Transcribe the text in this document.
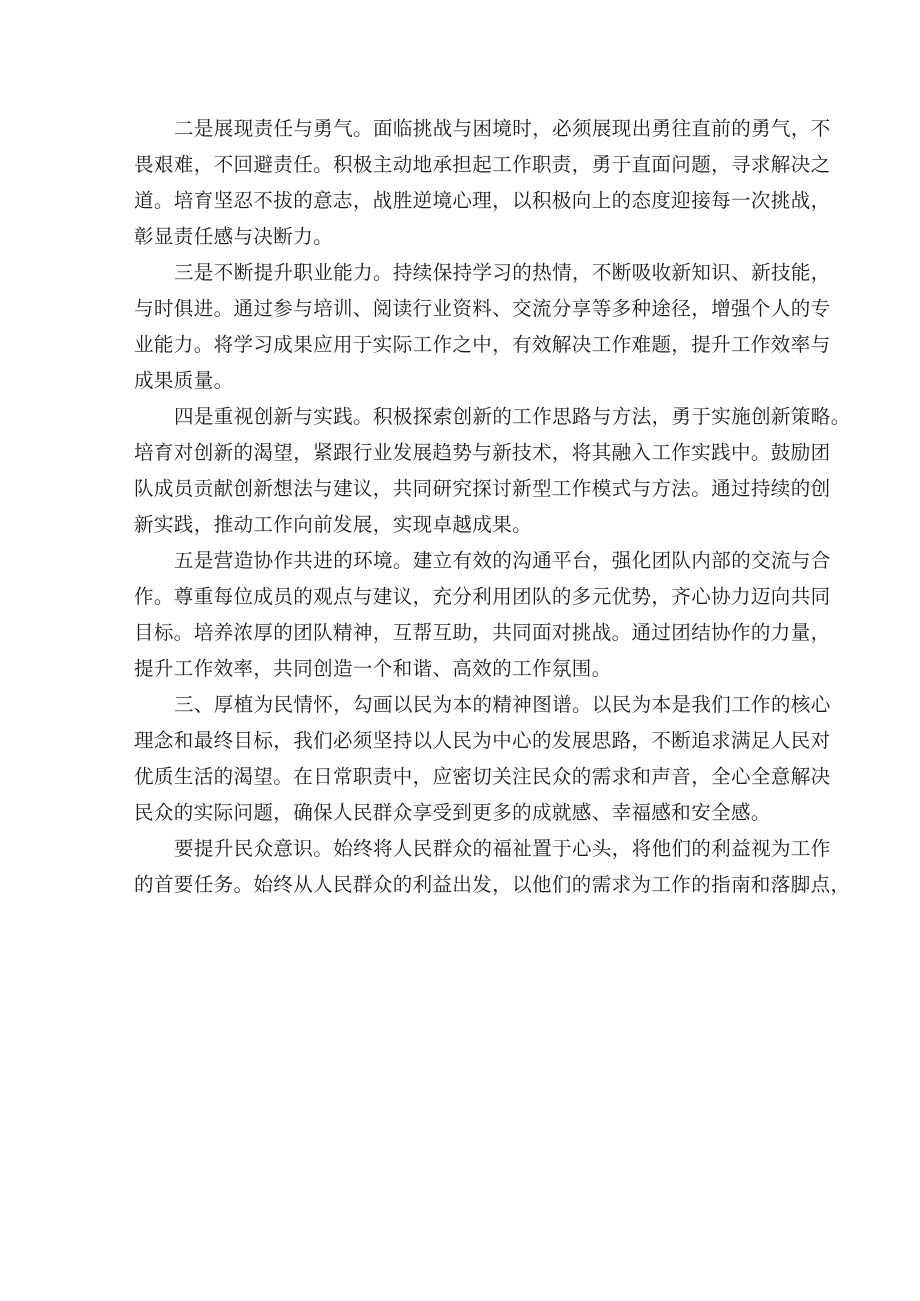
二是展现责任与勇气。面临挑战与困境时，必须展现出勇往直前的勇气，不
畏艰难，不回避责任。积极主动地承担起工作职责，勇于直面问题，寻求解决之
道。培育坚忍不拔的意志，战胜逆境心理，以积极向上的态度迎接每一次挑战，
彰显责任感与决断力。
三是不断提升职业能力。持续保持学习的热情，不断吸收新知识、新技能，
与时俱进。通过参与培训、阅读行业资料、交流分享等多种途径，增强个人的专
业能力。将学习成果应用于实际工作之中，有效解决工作难题，提升工作效率与
成果质量。
四是重视创新与实践。积极探索创新的工作思路与方法，勇于实施创新策略。
培育对创新的渴望，紧跟行业发展趋势与新技术，将其融入工作实践中。鼓励团
队成员贡献创新想法与建议，共同研究探讨新型工作模式与方法。通过持续的创
新实践，推动工作向前发展，实现卓越成果。
五是营造协作共进的环境。建立有效的沟通平台，强化团队内部的交流与合
作。尊重每位成员的观点与建议，充分利用团队的多元优势，齐心协力迈向共同
目标。培养浓厚的团队精神，互帮互助，共同面对挑战。通过团结协作的力量，
提升工作效率，共同创造一个和谐、高效的工作氛围。
三、厚植为民情怀，勾画以民为本的精神图谱。以民为本是我们工作的核心
理念和最终目标，我们必须坚持以人民为中心的发展思路，不断追求满足人民对
优质生活的渴望。在日常职责中，应密切关注民众的需求和声音，全心全意解决
民众的实际问题，确保人民群众享受到更多的成就感、幸福感和安全感。
要提升民众意识。始终将人民群众的福祉置于心头，将他们的利益视为工作
的首要任务。始终从人民群众的利益出发，以他们的需求为工作的指南和落脚点，
